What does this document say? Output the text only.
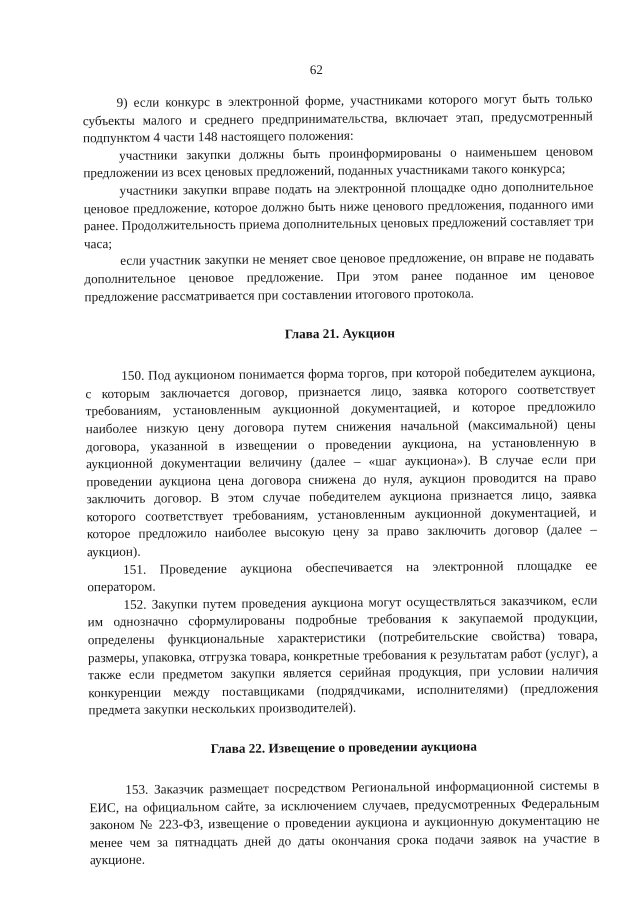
62

9) если конкурс в электронной форме, участниками которого могут быть только субъекты малого и среднего предпринимательства, включает этап, предусмотренный подпунктом 4 части 148 настоящего положения:

участники закупки должны быть проинформированы о наименьшем ценовом предложении из всех ценовых предложений, поданных участниками такого конкурса;

участники закупки вправе подать на электронной площадке одно дополнительное ценовое предложение, которое должно быть ниже ценового предложения, поданного ими ранее. Продолжительность приема дополнительных ценовых предложений составляет три часа;

если участник закупки не меняет свое ценовое предложение, он вправе не подавать дополнительное ценовое предложение. При этом ранее поданное им ценовое предложение рассматривается при составлении итогового протокола.

Глава 21. Аукцион

150. Под аукционом понимается форма торгов, при которой победителем аукциона, с которым заключается договор, признается лицо, заявка которого соответствует требованиям, установленным аукционной документацией, и которое предложило наиболее низкую цену договора путем снижения начальной (максимальной) цены договора, указанной в извещении о проведении аукциона, на установленную в аукционной документации величину (далее – «шаг аукциона»). В случае если при проведении аукциона цена договора снижена до нуля, аукцион проводится на право заключить договор. В этом случае победителем аукциона признается лицо, заявка которого соответствует требованиям, установленным аукционной документацией, и которое предложило наиболее высокую цену за право заключить договор (далее – аукцион).

151. Проведение аукциона обеспечивается на электронной площадке ее оператором.

152. Закупки путем проведения аукциона могут осуществляться заказчиком, если им однозначно сформулированы подробные требования к закупаемой продукции, определены функциональные характеристики (потребительские свойства) товара, размеры, упаковка, отгрузка товара, конкретные требования к результатам работ (услуг), а также если предметом закупки является серийная продукция, при условии наличия конкуренции между поставщиками (подрядчиками, исполнителями) (предложения предмета закупки нескольких производителей).

Глава 22. Извещение о проведении аукциона

153. Заказчик размещает посредством Региональной информационной системы в ЕИС, на официальном сайте, за исключением случаев, предусмотренных Федеральным законом № 223-ФЗ, извещение о проведении аукциона и аукционную документацию не менее чем за пятнадцать дней до даты окончания срока подачи заявок на участие в аукционе.
